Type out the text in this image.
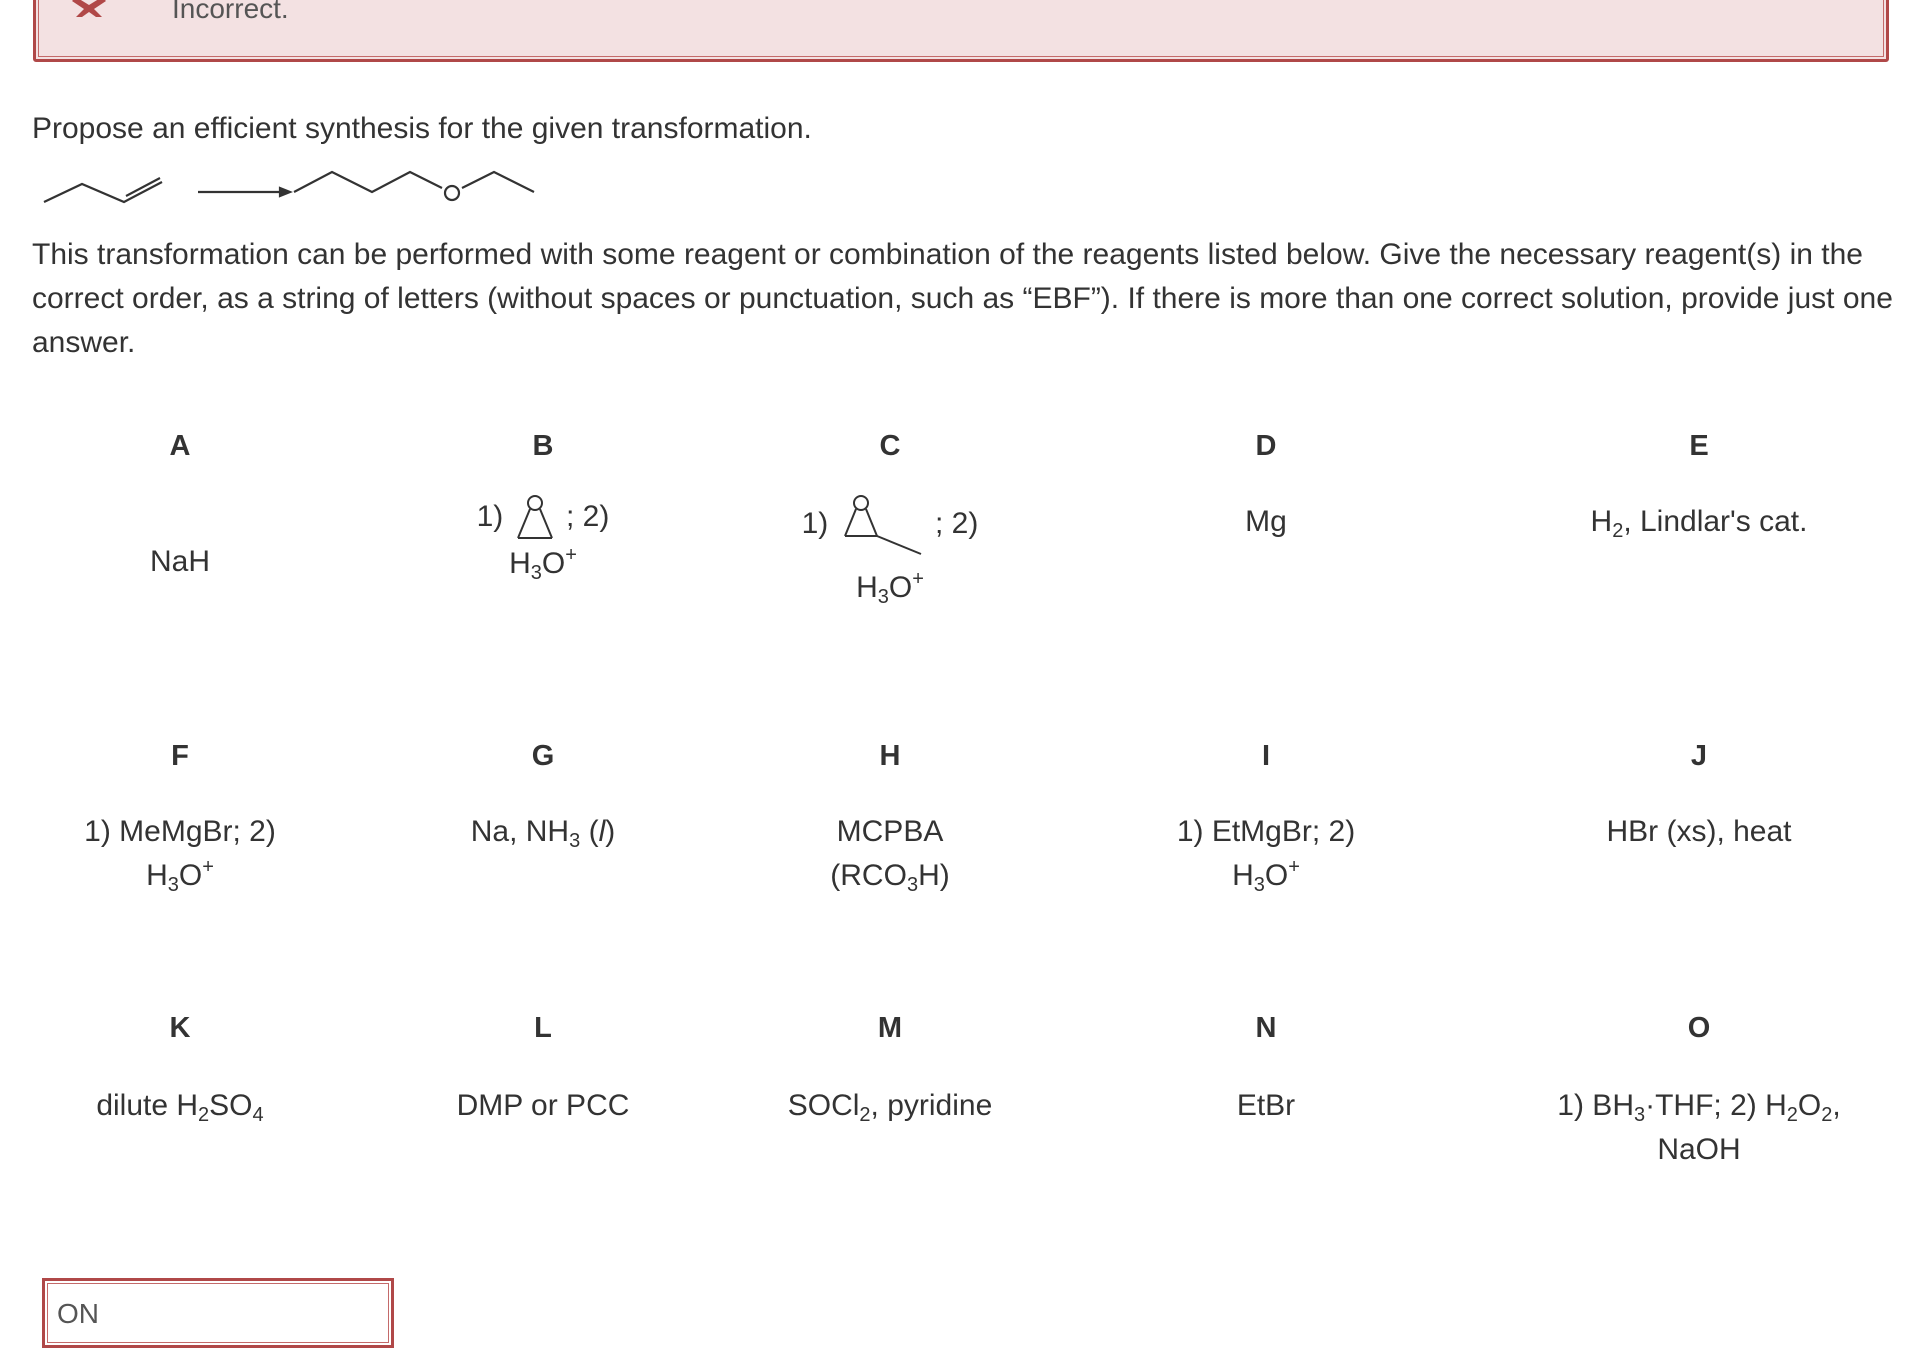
Incorrect.
Propose an efficient synthesis for the given transformation.
This transformation can be performed with some reagent or combination of the reagents listed below. Give the necessary reagent(s) in the correct order, as a string of letters (without spaces or punctuation, such as “EBF”). If there is more than one correct solution, provide just one answer.
A
NaH
B
1) ; 2)
$H_3O^+$
C
1)	; 2)

$H_3O^+$
D
Mg
E
$H_2$, Lindlar's cat.
F
1) MeMgBr; 2)
$H_3O^+$
G
Na, $NH_3$ (l)
H
MCPBA
$(RCO_3H)$
I
1) EtMgBr; 2)
$H_3O^+$
J
HBr (xs), heat
K
dilute $H_2SO_4$
L
DMP or PCC
M
SOCl$_2$, pyridine
N
EtBr
O
1) $BH_3\cdot THF$; 2) $H_2O_2$,
NaOH
ON
